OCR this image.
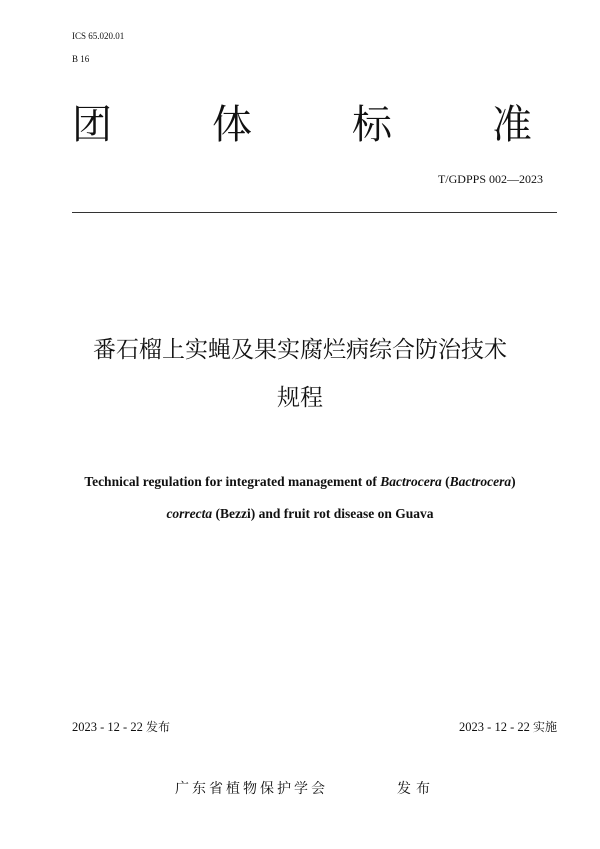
ICS 65.020.01
B 16
团	体	标	准
T/GDPPS 002—2023
番石榴上实蝇及果实腐烂病综合防治技术
规程
Technical regulation for integrated management of Bactrocera (Bactrocera)
correcta (Bezzi) and fruit rot disease on Guava
2023 - 12 - 22 发布	2023 - 12 - 22 实施
广东省植物保护学会	发布
